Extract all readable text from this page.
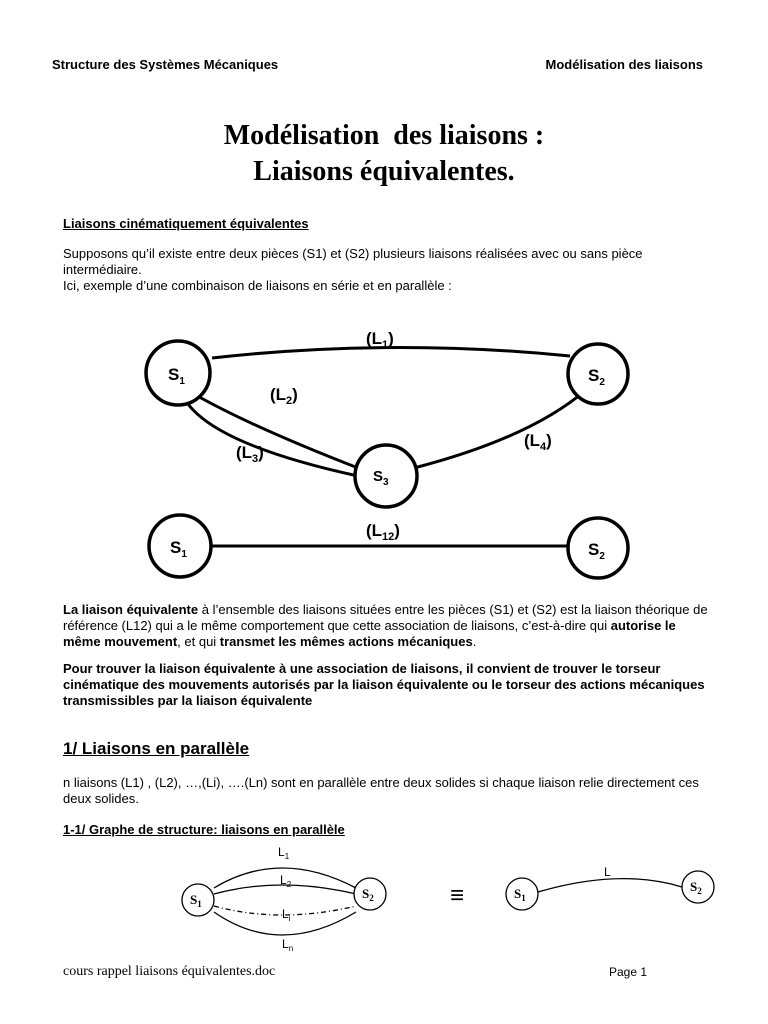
Structure des Systèmes Mécaniques	Modélisation des liaisons
Modélisation  des liaisons :
Liaisons équivalentes.
Liaisons cinématiquement équivalentes
Supposons qu’il existe entre deux pièces (S1) et (S2) plusieurs liaisons réalisées avec ou sans pièce intermédiaire.
Ici, exemple d’une combinaison de liaisons en série et en parallèle :
$S_1$	$S_2$
$S_3$
$(L_1)$
$(L_2)$
$(L_3)$
$(L_4)$
$S_1$	$S_2$
$(L_{12})$
La liaison équivalente à l’ensemble des liaisons situées entre les pièces (S1) et (S2) est la liaison théorique de référence (L12) qui a le même comportement que cette association de liaisons, c’est-à-dire qui autorise le même mouvement, et qui transmet les mêmes actions mécaniques.
Pour trouver la liaison équivalente à une association de liaisons, il convient de trouver le torseur cinématique des mouvements autorisés par la liaison équivalente ou le torseur des actions mécaniques transmissibles par la liaison équivalente
1/ Liaisons en parallèle
n liaisons (L1) , (L2), …,(Li), ….(Ln) sont en parallèle entre deux solides si chaque liaison relie directement ces deux solides.
1-1/ Graphe de structure: liaisons en parallèle
$S_1$
$S_2$
$L_1$
$L_2$
$L_i$
$L_n$
≡	$S_1$
$S_2$
L
cours rappel liaisons équivalentes.doc	Page 1
